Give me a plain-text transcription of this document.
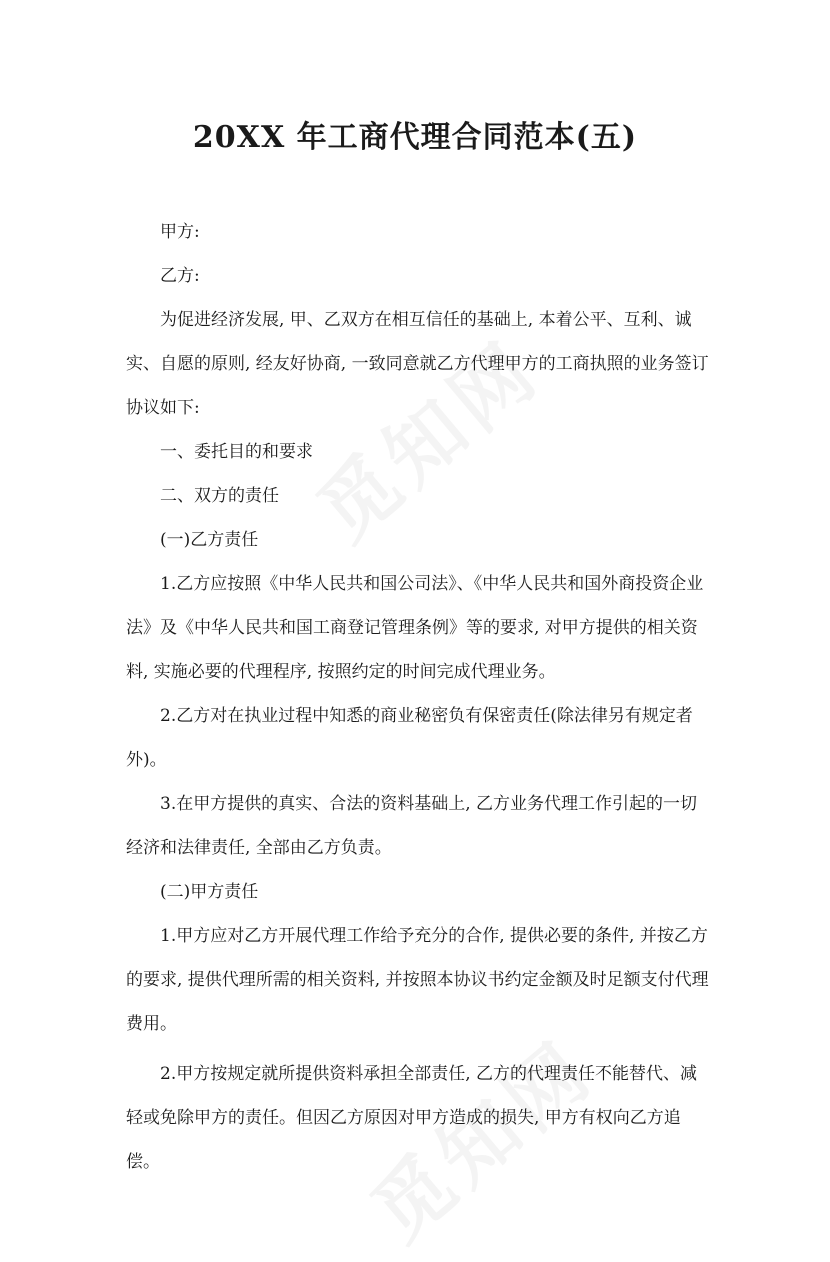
20XX 年工商代理合同范本(五)

甲方:

乙方:

为促进经济发展, 甲、乙双方在相互信任的基础上, 本着公平、互利、诚实、自愿的原则, 经友好协商, 一致同意就乙方代理甲方的工商执照的业务签订协议如下:

一、委托目的和要求

二、双方的责任

(一)乙方责任

1.乙方应按照《中华人民共和国公司法》、《中华人民共和国外商投资企业法》及《中华人民共和国工商登记管理条例》等的要求, 对甲方提供的相关资料, 实施必要的代理程序, 按照约定的时间完成代理业务。

2.乙方对在执业过程中知悉的商业秘密负有保密责任(除法律另有规定者外)。

3.在甲方提供的真实、合法的资料基础上, 乙方业务代理工作引起的一切经济和法律责任, 全部由乙方负责。

(二)甲方责任

1.甲方应对乙方开展代理工作给予充分的合作, 提供必要的条件, 并按乙方的要求, 提供代理所需的相关资料, 并按照本协议书约定金额及时足额支付代理费用。

2.甲方按规定就所提供资料承担全部责任, 乙方的代理责任不能替代、减轻或免除甲方的责任。但因乙方原因对甲方造成的损失, 甲方有权向乙方追偿。
